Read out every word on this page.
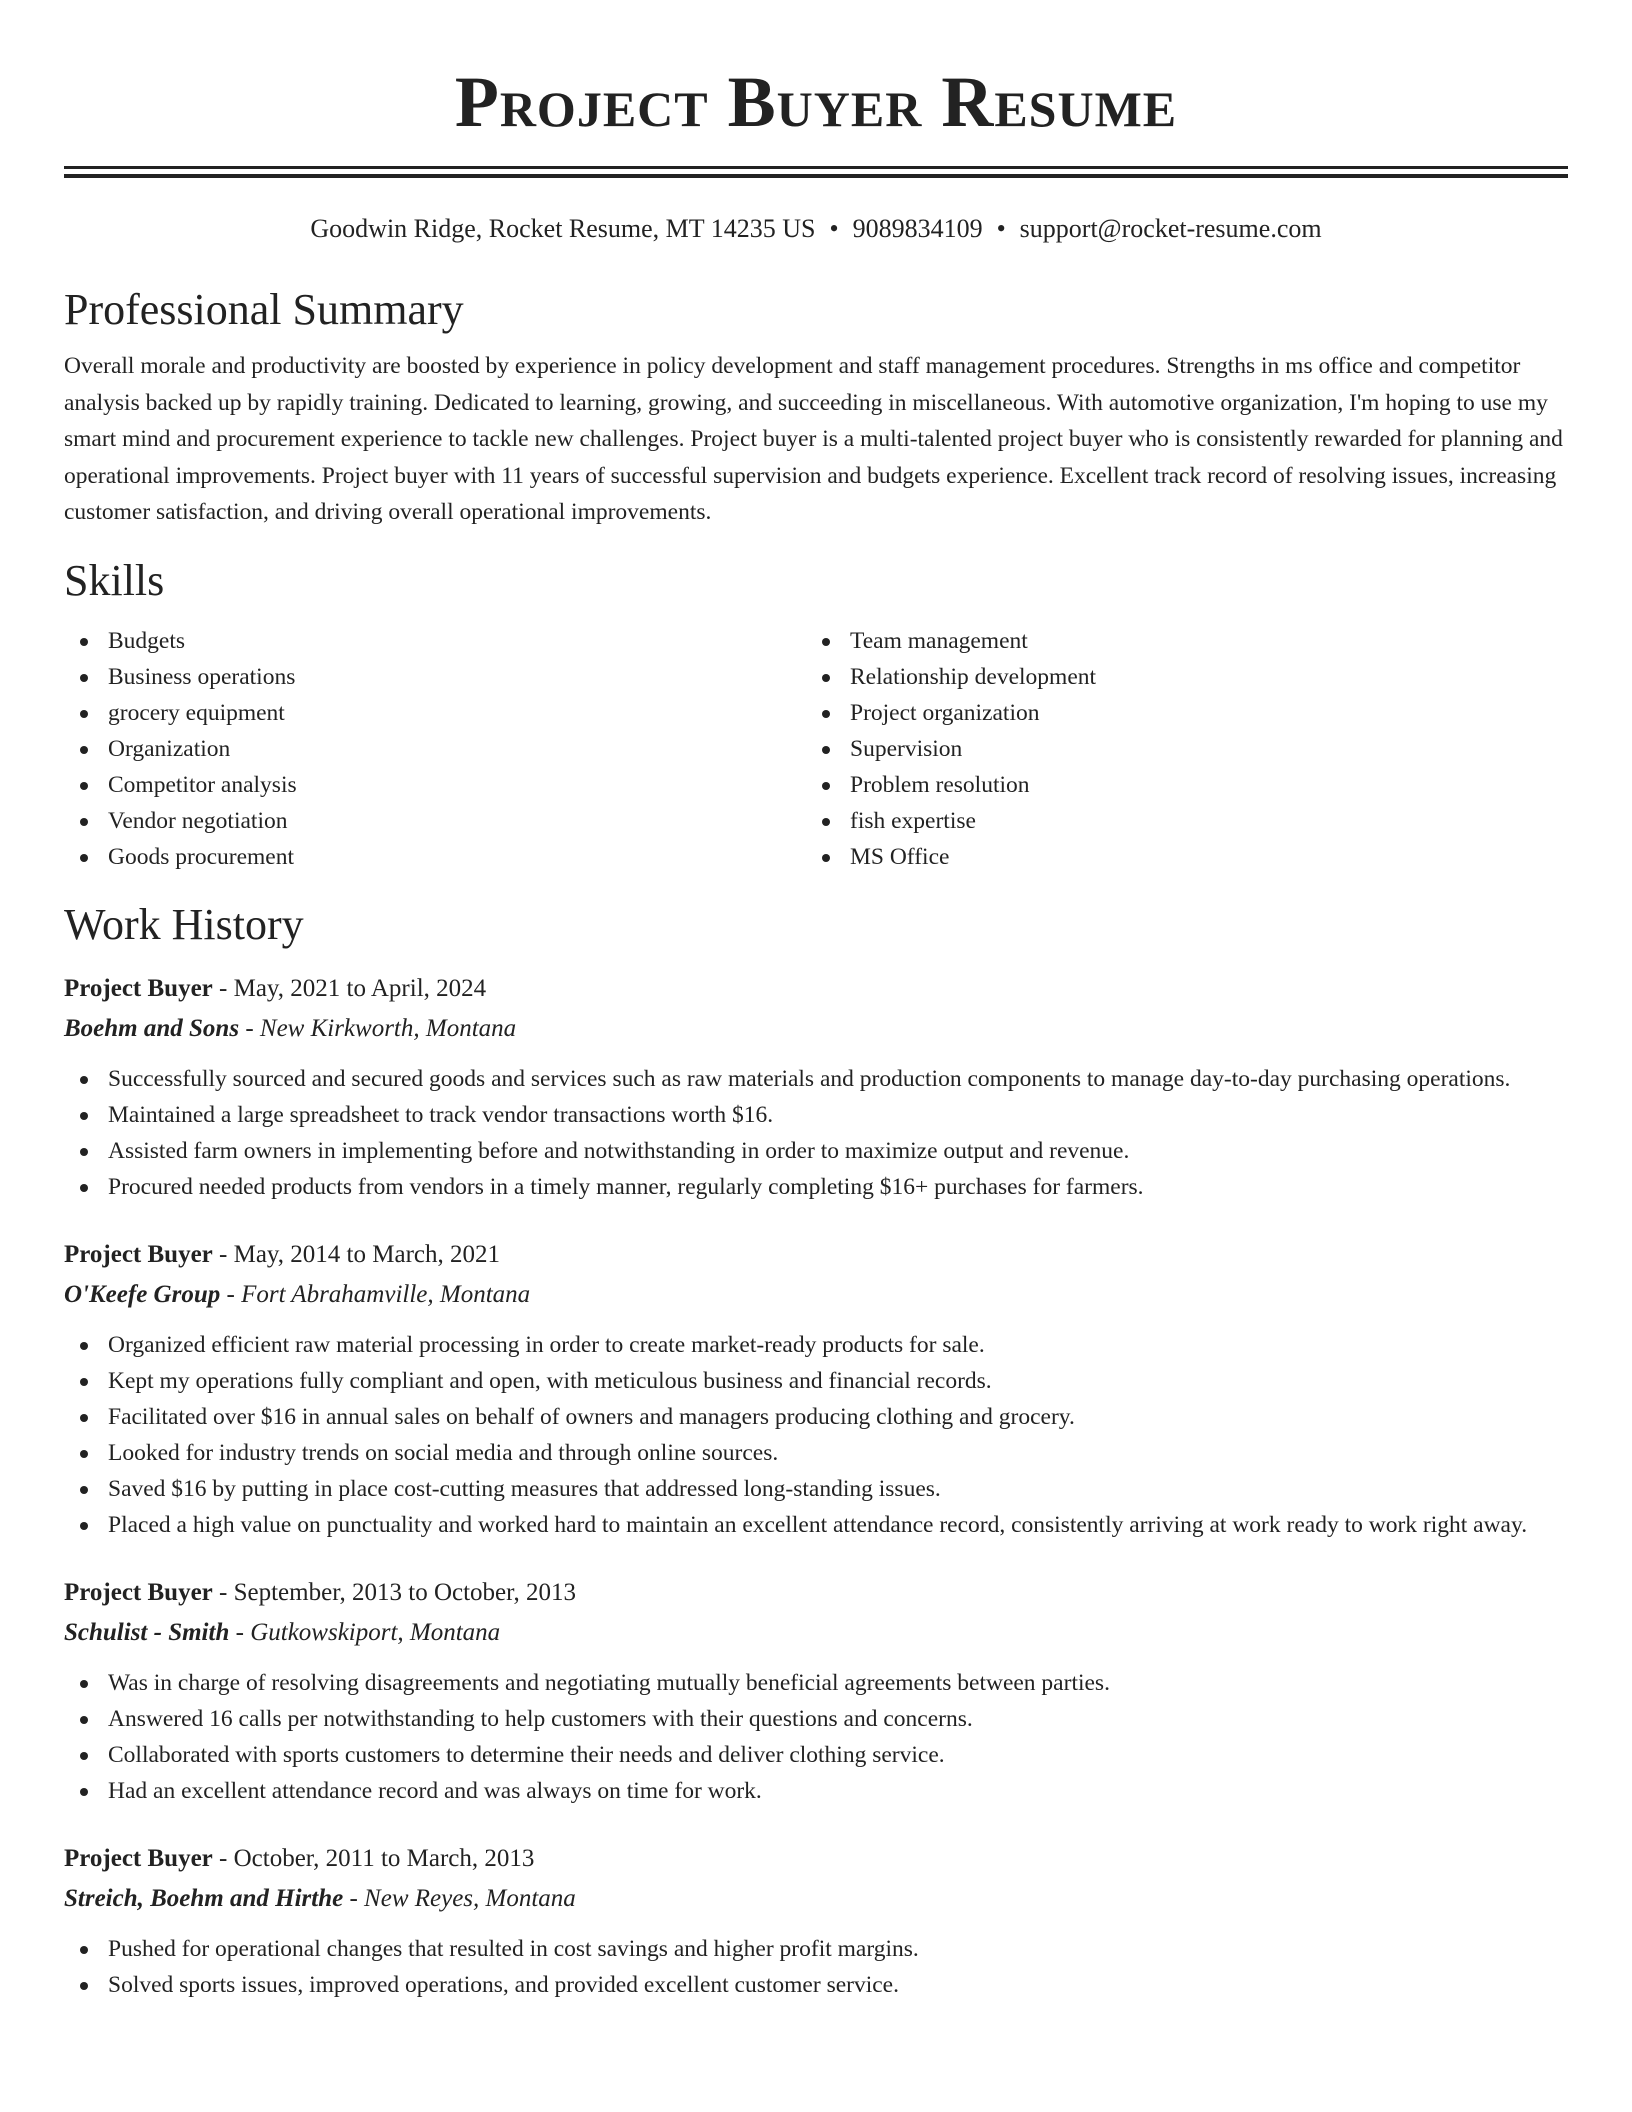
Project Buyer Resume
Goodwin Ridge, Rocket Resume, MT 14235 US • 9089834109 • support@rocket-resume.com
Professional Summary
Overall morale and productivity are boosted by experience in policy development and staff management procedures. Strengths in ms office and competitor analysis backed up by rapidly training. Dedicated to learning, growing, and succeeding in miscellaneous. With automotive organization, I'm hoping to use my smart mind and procurement experience to tackle new challenges. Project buyer is a multi-talented project buyer who is consistently rewarded for planning and operational improvements. Project buyer with 11 years of successful supervision and budgets experience. Excellent track record of resolving issues, increasing customer satisfaction, and driving overall operational improvements.
Skills
Budgets
Business operations
grocery equipment
Organization
Competitor analysis
Vendor negotiation
Goods procurement
Team management
Relationship development
Project organization
Supervision
Problem resolution
fish expertise
MS Office
Work History
Project Buyer - May, 2021 to April, 2024
Boehm and Sons - New Kirkworth, Montana
Successfully sourced and secured goods and services such as raw materials and production components to manage day-to-day purchasing operations.
Maintained a large spreadsheet to track vendor transactions worth $16.
Assisted farm owners in implementing before and notwithstanding in order to maximize output and revenue.
Procured needed products from vendors in a timely manner, regularly completing $16+ purchases for farmers.
Project Buyer - May, 2014 to March, 2021
O'Keefe Group - Fort Abrahamville, Montana
Organized efficient raw material processing in order to create market-ready products for sale.
Kept my operations fully compliant and open, with meticulous business and financial records.
Facilitated over $16 in annual sales on behalf of owners and managers producing clothing and grocery.
Looked for industry trends on social media and through online sources.
Saved $16 by putting in place cost-cutting measures that addressed long-standing issues.
Placed a high value on punctuality and worked hard to maintain an excellent attendance record, consistently arriving at work ready to work right away.
Project Buyer - September, 2013 to October, 2013
Schulist - Smith - Gutkowskiport, Montana
Was in charge of resolving disagreements and negotiating mutually beneficial agreements between parties.
Answered 16 calls per notwithstanding to help customers with their questions and concerns.
Collaborated with sports customers to determine their needs and deliver clothing service.
Had an excellent attendance record and was always on time for work.
Project Buyer - October, 2011 to March, 2013
Streich, Boehm and Hirthe - New Reyes, Montana
Pushed for operational changes that resulted in cost savings and higher profit margins.
Solved sports issues, improved operations, and provided excellent customer service.
